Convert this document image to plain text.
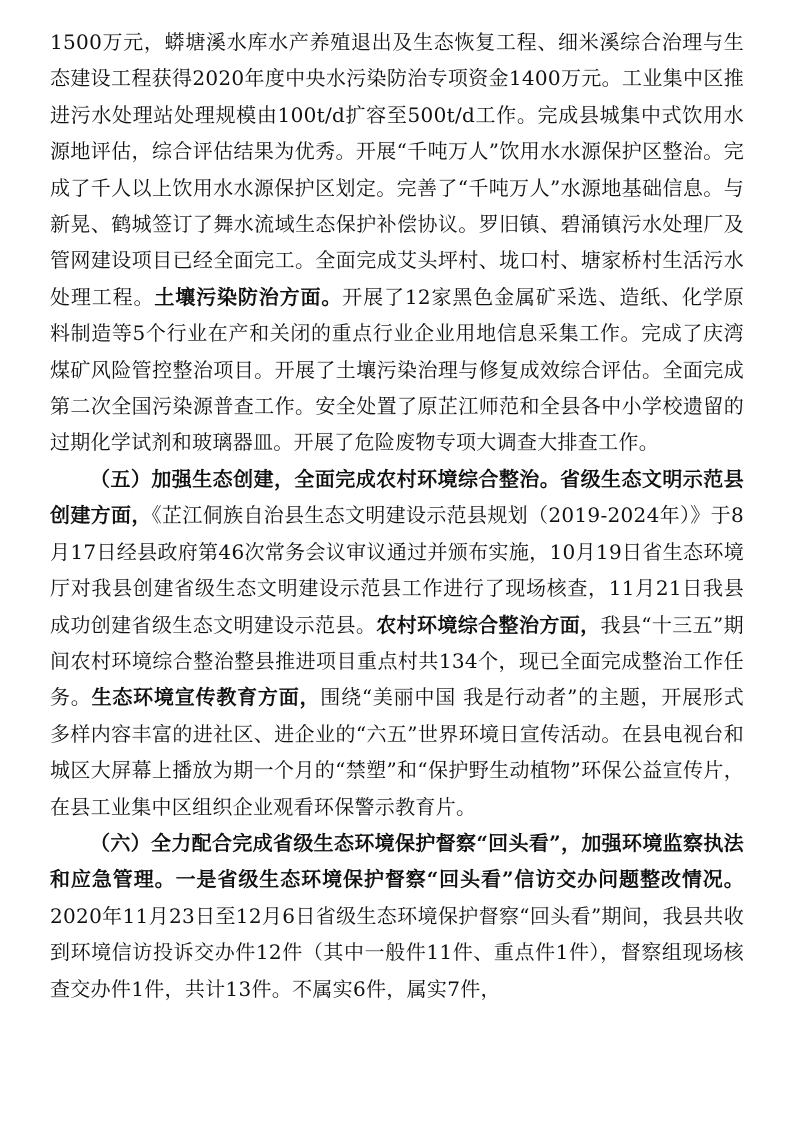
1500万元，蟒塘溪水库水产养殖退出及生态恢复工程、细米溪综合治理与生态建设工程获得2020年度中央水污染防治专项资金1400万元。工业集中区推进污水处理站处理规模由100t/d扩容至500t/d工作。完成县城集中式饮用水源地评估，综合评估结果为优秀。开展“千吨万人”饮用水水源保护区整治。完成了千人以上饮用水水源保护区划定。完善了“千吨万人”水源地基础信息。与新晃、鹤城签订了舞水流域生态保护补偿协议。罗旧镇、碧涌镇污水处理厂及管网建设项目已经全面完工。全面完成艾头坪村、垅口村、塘家桥村生活污水处理工程。土壤污染防治方面。开展了12家黑色金属矿采选、造纸、化学原料制造等5个行业在产和关闭的重点行业企业用地信息采集工作。完成了庆湾煤矿风险管控整治项目。开展了土壤污染治理与修复成效综合评估。全面完成第二次全国污染源普查工作。安全处置了原芷江师范和全县各中小学校遗留的过期化学试剂和玻璃器皿。开展了危险废物专项大调查大排查工作。

（五）加强生态创建，全面完成农村环境综合整治。省级生态文明示范县创建方面，《芷江侗族自治县生态文明建设示范县规划（2019-2024年）》于8月17日经县政府第46次常务会议审议通过并颁布实施，10月19日省生态环境厅对我县创建省级生态文明建设示范县工作进行了现场核查，11月21日我县成功创建省级生态文明建设示范县。农村环境综合整治方面，我县“十三五”期间农村环境综合整治整县推进项目重点村共134个，现已全面完成整治工作任务。生态环境宣传教育方面，围绕“美丽中国 我是行动者”的主题，开展形式多样内容丰富的进社区、进企业的“六五”世界环境日宣传活动。在县电视台和城区大屏幕上播放为期一个月的“禁塑”和“保护野生动植物”环保公益宣传片，在县工业集中区组织企业观看环保警示教育片。

（六）全力配合完成省级生态环境保护督察“回头看”，加强环境监察执法和应急管理。一是省级生态环境保护督察“回头看”信访交办问题整改情况。2020年11月23日至12月6日省级生态环境保护督察“回头看”期间，我县共收到环境信访投诉交办件12件（其中一般件11件、重点件1件），督察组现场核查交办件1件，共计13件。不属实6件，属实7件，
